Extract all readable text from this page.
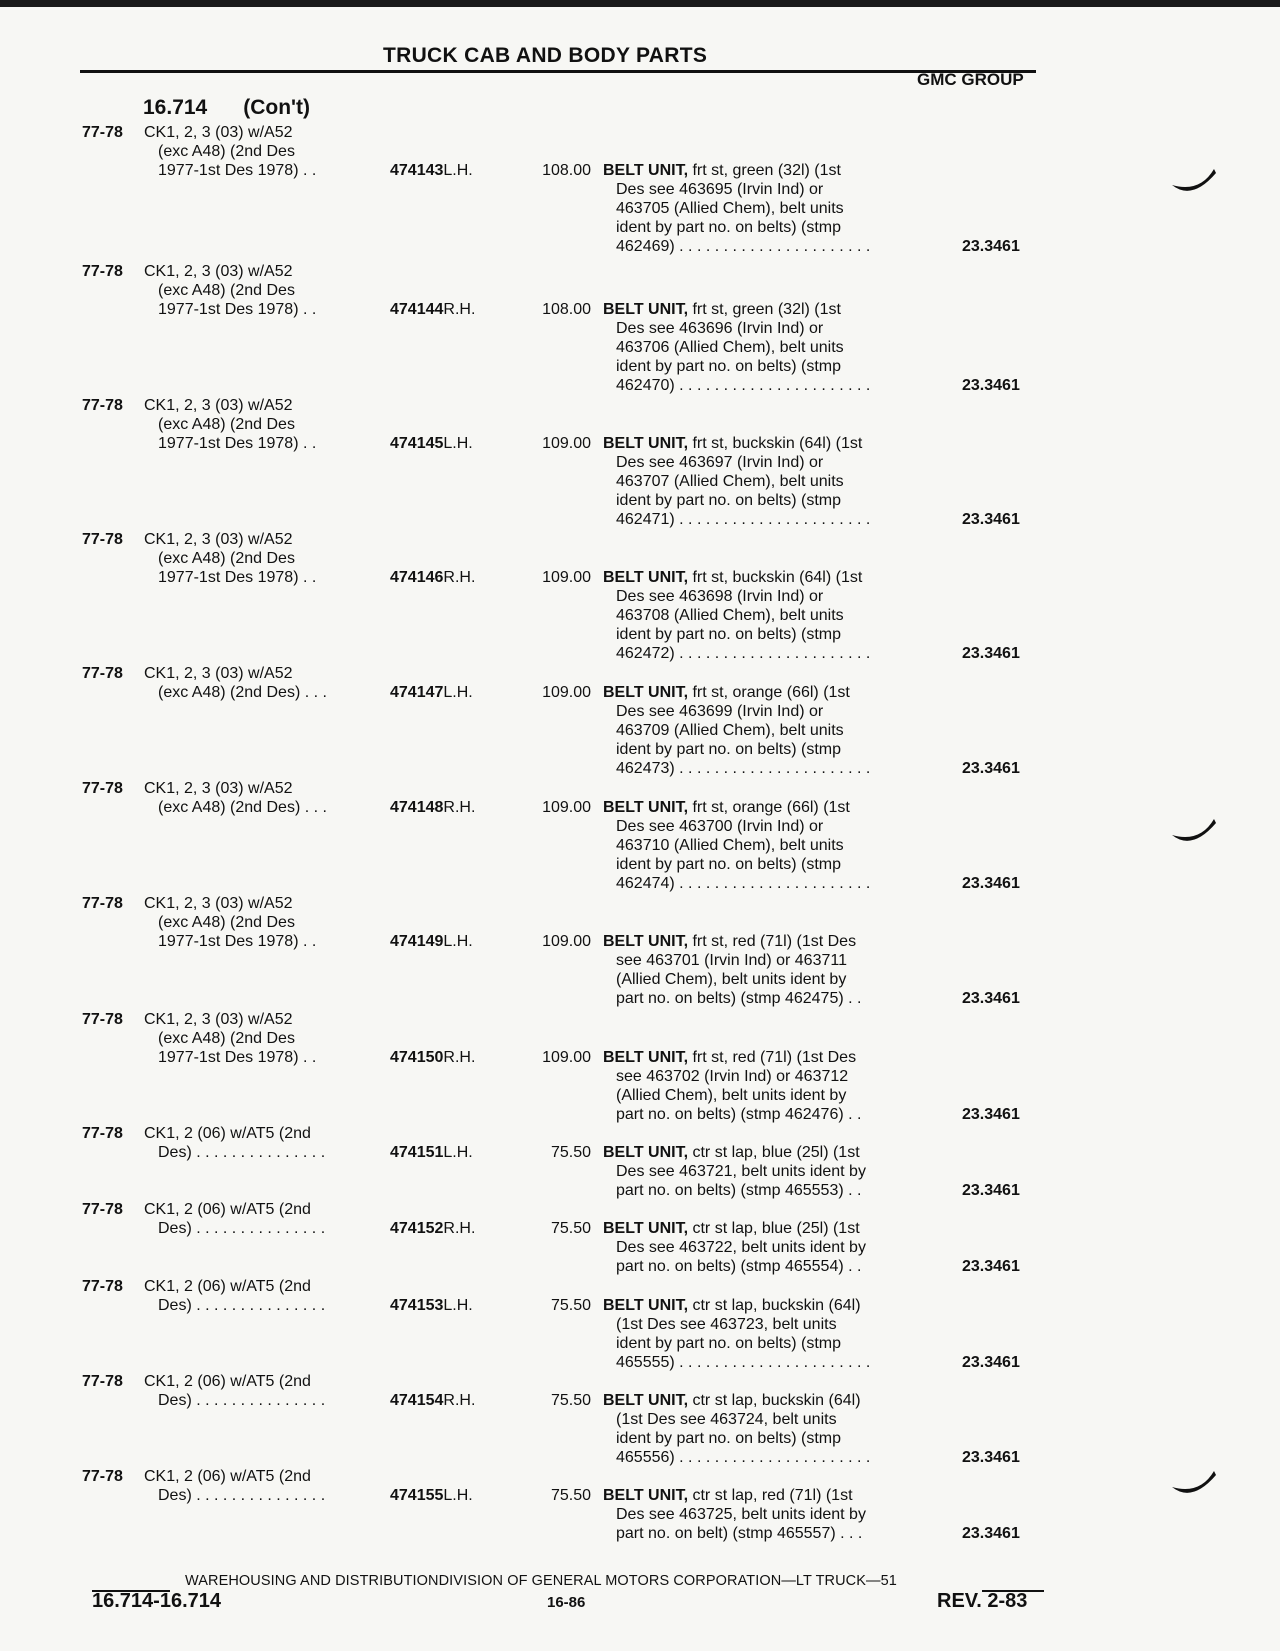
TRUCK CAB AND BODY PARTS
GMC GROUP
16.714 (Con't)
77-78 CK1, 2, 3 (03) w/A52
(exc A48) (2nd Des
1977-1st Des 1978) . .	474143L.H.	108.00 BELT UNIT, frt st, green (32l) (1st
Des see 463695 (Irvin Ind) or
463705 (Allied Chem), belt units
ident by part no. on belts) (stmp
462469) . . . . . . . . . . . . . . . . . . . . . .	23.3461
77-78 CK1, 2, 3 (03) w/A52
(exc A48) (2nd Des
1977-1st Des 1978) . .	474144R.H.	108.00 BELT UNIT, frt st, green (32l) (1st
Des see 463696 (Irvin Ind) or
463706 (Allied Chem), belt units
ident by part no. on belts) (stmp
462470) . . . . . . . . . . . . . . . . . . . . . .	23.3461
77-78 CK1, 2, 3 (03) w/A52
(exc A48) (2nd Des
1977-1st Des 1978) . .	474145L.H.	109.00 BELT UNIT, frt st, buckskin (64l) (1st
Des see 463697 (Irvin Ind) or
463707 (Allied Chem), belt units
ident by part no. on belts) (stmp
462471) . . . . . . . . . . . . . . . . . . . . . .	23.3461
77-78 CK1, 2, 3 (03) w/A52
(exc A48) (2nd Des
1977-1st Des 1978) . .	474146R.H.	109.00 BELT UNIT, frt st, buckskin (64l) (1st
Des see 463698 (Irvin Ind) or
463708 (Allied Chem), belt units
ident by part no. on belts) (stmp
462472) . . . . . . . . . . . . . . . . . . . . . .	23.3461
77-78 CK1, 2, 3 (03) w/A52
(exc A48) (2nd Des) . . .	474147L.H.	109.00 BELT UNIT, frt st, orange (66l) (1st
Des see 463699 (Irvin Ind) or
463709 (Allied Chem), belt units
ident by part no. on belts) (stmp
462473) . . . . . . . . . . . . . . . . . . . . . .	23.3461
77-78 CK1, 2, 3 (03) w/A52
(exc A48) (2nd Des) . . .	474148R.H.	109.00 BELT UNIT, frt st, orange (66l) (1st
Des see 463700 (Irvin Ind) or
463710 (Allied Chem), belt units
ident by part no. on belts) (stmp
462474) . . . . . . . . . . . . . . . . . . . . . .	23.3461
77-78 CK1, 2, 3 (03) w/A52
(exc A48) (2nd Des
1977-1st Des 1978) . .	474149L.H.	109.00 BELT UNIT, frt st, red (71l) (1st Des
see 463701 (Irvin Ind) or 463711
(Allied Chem), belt units ident by
part no. on belts) (stmp 462475) . .	23.3461
77-78 CK1, 2, 3 (03) w/A52
(exc A48) (2nd Des
1977-1st Des 1978) . .	474150R.H.	109.00 BELT UNIT, frt st, red (71l) (1st Des
see 463702 (Irvin Ind) or 463712
(Allied Chem), belt units ident by
part no. on belts) (stmp 462476) . .	23.3461
77-78 CK1, 2 (06) w/AT5 (2nd
Des) . . . . . . . . . . . . . . .	474151L.H.	75.50 BELT UNIT, ctr st lap, blue (25l) (1st
Des see 463721, belt units ident by
part no. on belts) (stmp 465553) . .	23.3461
77-78 CK1, 2 (06) w/AT5 (2nd
Des) . . . . . . . . . . . . . . .	474152R.H.	75.50 BELT UNIT, ctr st lap, blue (25l) (1st
Des see 463722, belt units ident by
part no. on belts) (stmp 465554) . .	23.3461
77-78 CK1, 2 (06) w/AT5 (2nd
Des) . . . . . . . . . . . . . . .	474153L.H.	75.50 BELT UNIT, ctr st lap, buckskin (64l)
(1st Des see 463723, belt units
ident by part no. on belts) (stmp
465555) . . . . . . . . . . . . . . . . . . . . . .	23.3461
77-78 CK1, 2 (06) w/AT5 (2nd
Des) . . . . . . . . . . . . . . .	474154R.H.	75.50 BELT UNIT, ctr st lap, buckskin (64l)
(1st Des see 463724, belt units
ident by part no. on belts) (stmp
465556) . . . . . . . . . . . . . . . . . . . . . .	23.3461
77-78 CK1, 2 (06) w/AT5 (2nd
Des) . . . . . . . . . . . . . . .	474155L.H.	75.50 BELT UNIT, ctr st lap, red (71l) (1st
Des see 463725, belt units ident by
part no. on belt) (stmp 465557) . . .	23.3461
WAREHOUSING AND DISTRIBUTIONDIVISION OF GENERAL MOTORS CORPORATION—LT TRUCK—51
16.714-16.714	16-86	REV. 2-83
